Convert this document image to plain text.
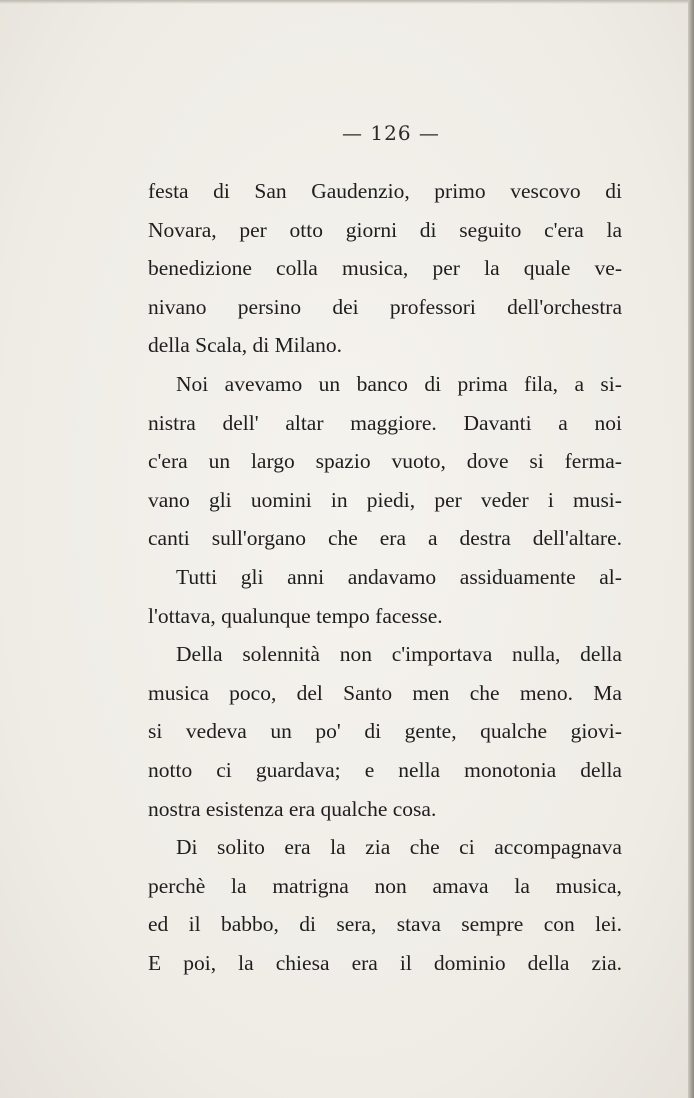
— 126 —
festa di San Gaudenzio, primo vescovo di
Novara, per otto giorni di seguito c'era la
benedizione colla musica, per la quale ve-
nivano persino dei professori dell'orchestra
della Scala, di Milano.
Noi avevamo un banco di prima fila, a si-
nistra dell' altar maggiore. Davanti a noi
c'era un largo spazio vuoto, dove si ferma-
vano gli uomini in piedi, per veder i musi-
canti sull'organo che era a destra dell'altare.
Tutti gli anni andavamo assiduamente al-
l'ottava, qualunque tempo facesse.
Della solennità non c'importava nulla, della
musica poco, del Santo men che meno. Ma
si vedeva un po' di gente, qualche giovi-
notto ci guardava; e nella monotonia della
nostra esistenza era qualche cosa.
Di solito era la zia che ci accompagnava
perchè la matrigna non amava la musica,
ed il babbo, di sera, stava sempre con lei.
E poi, la chiesa era il dominio della zia.
